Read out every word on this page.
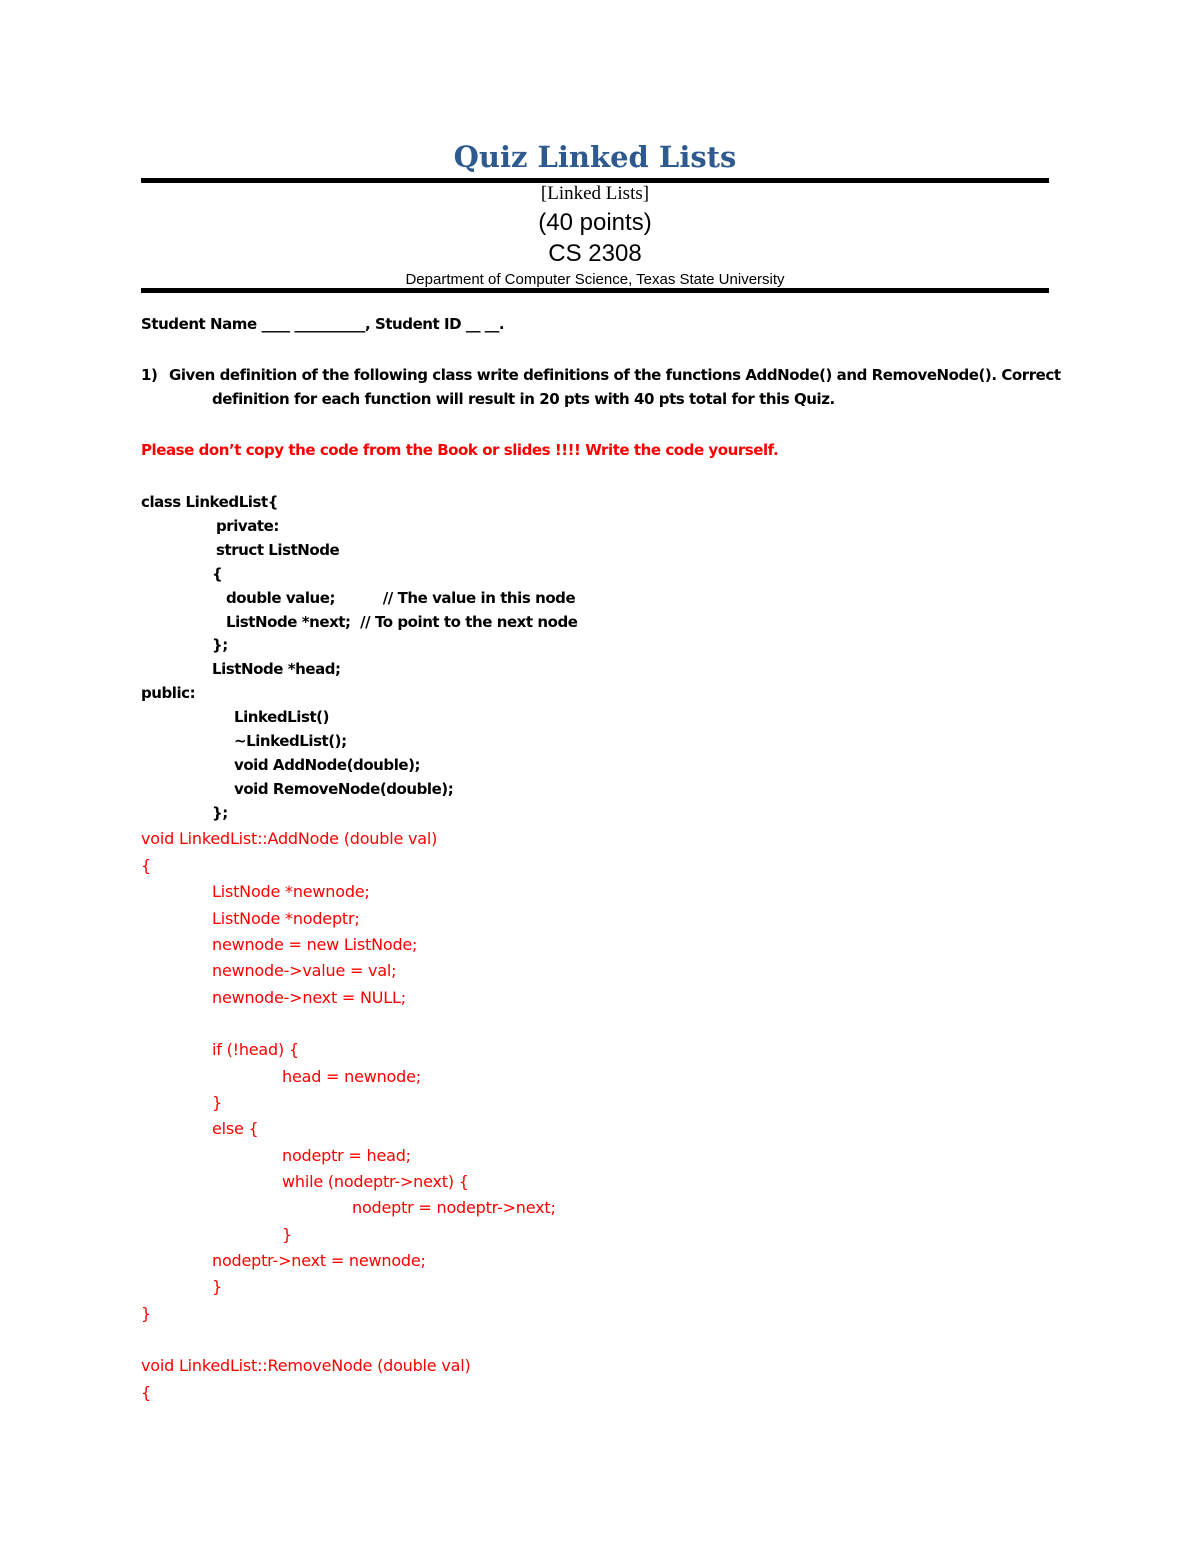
Quiz Linked Lists
[Linked Lists]
(40 points)
CS 2308
Department of Computer Science, Texas State University
Student Name ____ __________, Student ID __ __.
1) Given definition of the following class write definitions of the functions AddNode() and RemoveNode(). Correct
definition for each function will result in 20 pts with 40 pts total for this Quiz.
Please don’t copy the code from the Book or slides !!!! Write the code yourself.
class LinkedList{
private:
struct ListNode
{
double value;          // The value in this node
ListNode *next;  // To point to the next node
};
ListNode *head;
public:
LinkedList()
~LinkedList();
void AddNode(double);
void RemoveNode(double);
};
void LinkedList::AddNode (double val)
{
ListNode *newnode;
ListNode *nodeptr;
newnode = new ListNode;
newnode->value = val;
newnode->next = NULL;
if (!head) {
head = newnode;
}
else {
nodeptr = head;
while (nodeptr->next) {
nodeptr = nodeptr->next;
}
nodeptr->next = newnode;
}
}
void LinkedList::RemoveNode (double val)
{
